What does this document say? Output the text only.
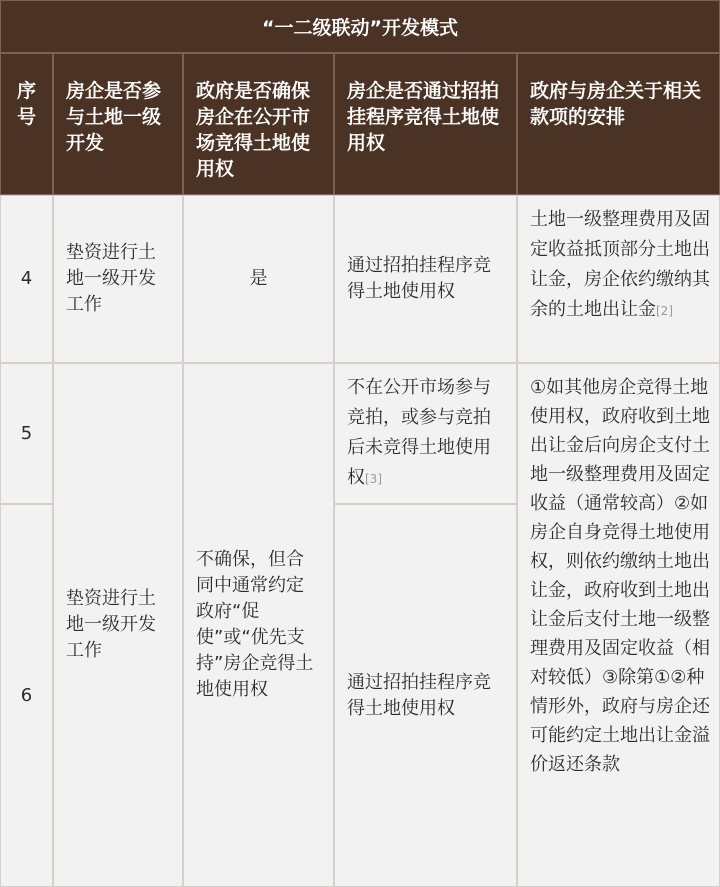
“一二级联动”开发模式
序号
房企是否参与土地一级开发
政府是否确保房企在公开市场竞得土地使用权
房企是否通过招拍挂程序竞得土地使用权
政府与房企关于相关款项的安排
4
垫资进行土地一级开发工作
是
通过招拍挂程序竞得土地使用权
土地一级整理费用及固定收益抵顶部分土地出让金，房企依约缴纳其余的土地出让金[2]
5
不在公开市场参与竞拍，或参与竞拍后未竞得土地使用权[3]
6
通过招拍挂程序竞得土地使用权
垫资进行土地一级开发工作
不确保，但合同中通常约定政府“促使”或“优先支持”房企竞得土地使用权
①如其他房企竞得土地使用权，政府收到土地出让金后向房企支付土地一级整理费用及固定收益（通常较高）②如房企自身竞得土地使用权，则依约缴纳土地出让金，政府收到土地出让金后支付土地一级整理费用及固定收益（相对较低）③除第①②种情形外，政府与房企还可能约定土地出让金溢价返还条款
